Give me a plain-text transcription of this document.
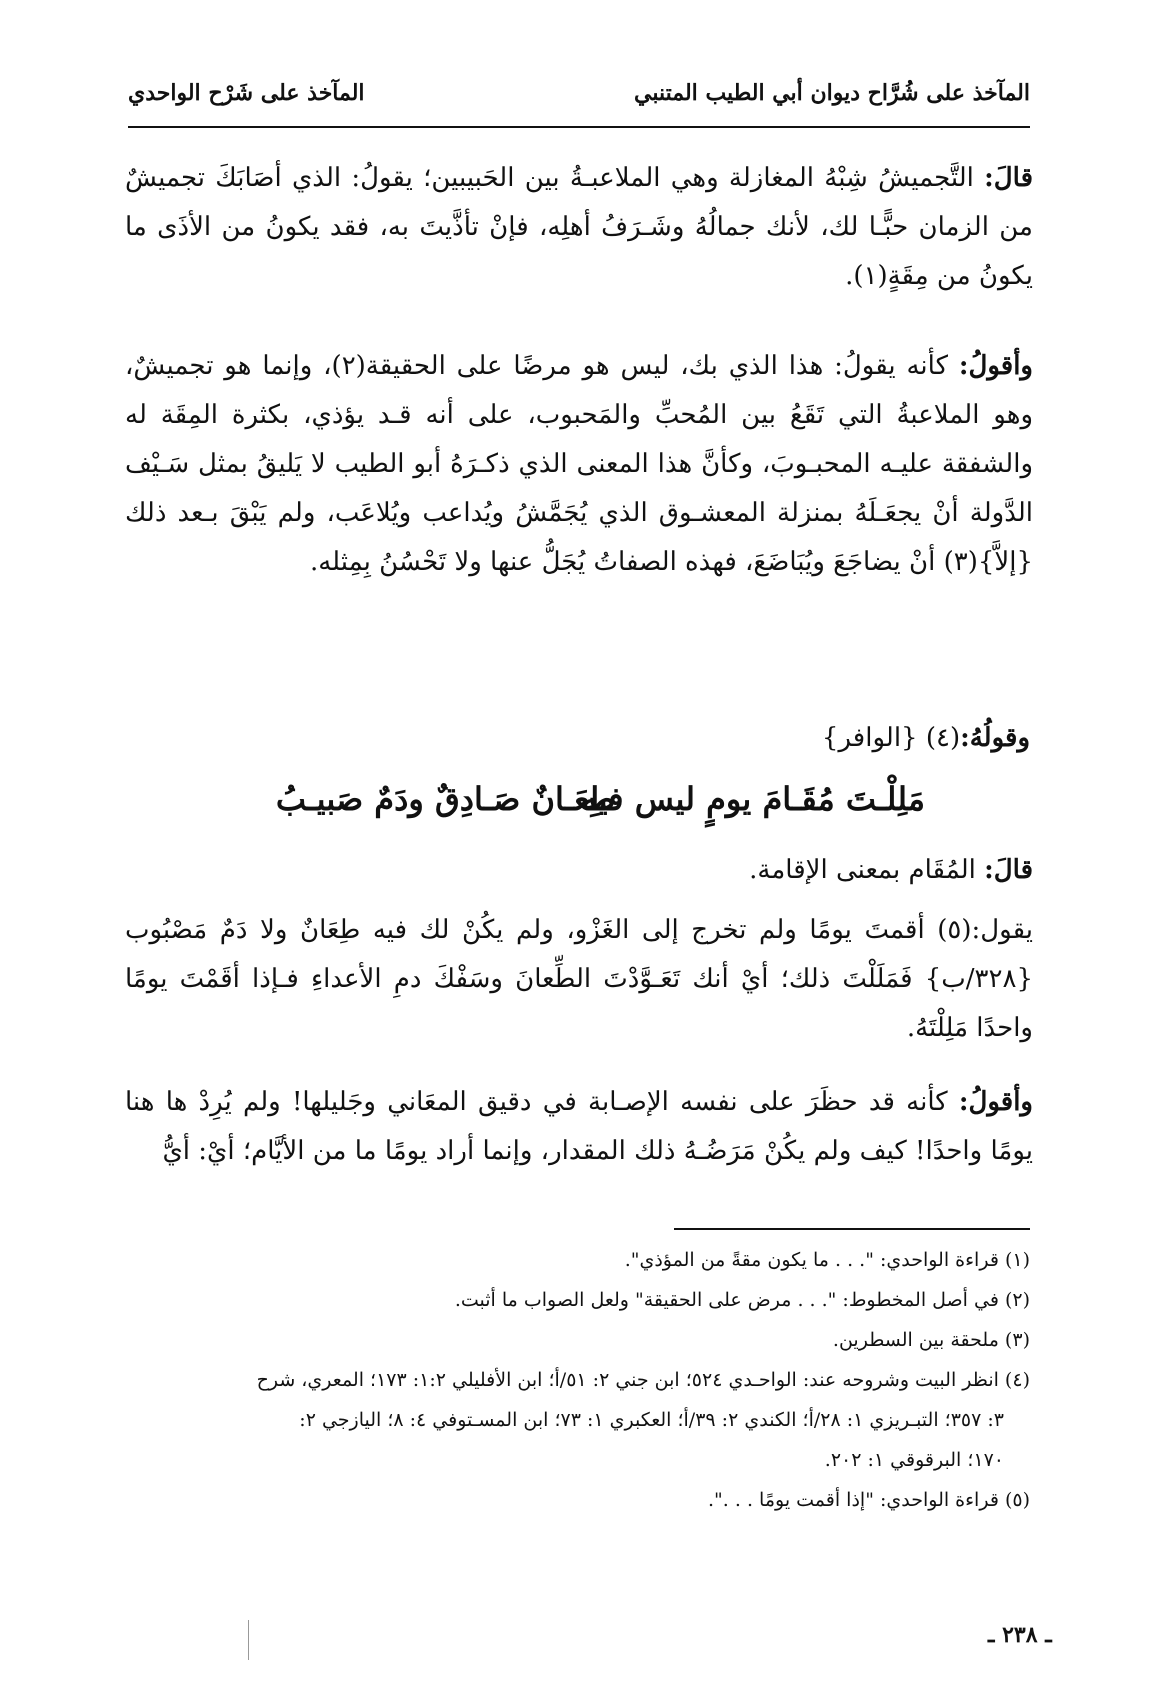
المآخذ على شُرَّاح ديوان أبي الطيب المتنبي
المآخذ على شَرْح الواحدي

قالَ: التَّجميشُ شِبْهُ المغازلة وهي الملاعبـةُ بين الحَبيبين؛ يقولُ: الذي أصَابَكَ تجميشٌ من الزمان حبًّـا لك، لأنك جمالُهُ وشَـرَفُ أهلِه، فإنْ تأذَّيتَ به، فقد يكونُ من الأذَى ما يكونُ من مِقَةٍ(١).

وأقولُ: كأنه يقولُ: هذا الذي بك، ليس هو مرضًا على الحقيقة(٢)، وإنما هو تجميشٌ، وهو الملاعبةُ التي تَقَعُ بين المُحبِّ والمَحبوب، على أنه قـد يؤذي، بكثرة المِقَة له والشفقة عليـه المحبـوبَ، وكأنَّ هذا المعنى الذي ذكـرَهُ أبو الطيب لا يَليقُ بمثل سَـيْف الدَّولة أنْ يجعَـلَهُ بمنزلة المعشـوق الذي يُجَمَّشُ ويُداعب ويُلاعَب، ولم يَبْقَ بـعد ذلك {إلاَّ}(٣) أنْ يضاجَعَ ويُبَاضَعَ، فهذه الصفاتُ يُجَلُّ عنها ولا تَحْسُنُ بِمِثله.

وقولُهُ:(٤) {الوافر}
مَلِلْـتَ مُقَـامَ يومٍ ليس فيه
طِعَـانٌ صَـادِقٌ ودَمٌ صَبيـبُ

قالَ: المُقَام بمعنى الإقامة.

يقول:(٥) أقمتَ يومًا ولم تخرج إلى الغَزْو، ولم يكُنْ لك فيه طِعَانٌ ولا دَمٌ مَصْبُوب {٣٢٨/ب} فَمَلَلْتَ ذلك؛ أيْ أنك تَعَـوَّدْتَ الطِّعانَ وسَفْكَ دمِ الأعداءِ فـإذا أقَمْتَ يومًا واحدًا مَلِلْتَهُ.

وأقولُ: كأنه قد حظَرَ على نفسه الإصـابة في دقيق المعَاني وجَليلها! ولم يُرِدْ ها هنا يومًا واحدًا! كيف ولم يكُنْ مَرَضُـهُ ذلك المقدار، وإنما أراد يومًا ما من الأيَّام؛ أيْ: أيُّ

(١) قراءة الواحدي: ". . . ما يكون مقةً من المؤذي".

(٢) في أصل المخطوط: ". . . مرض على الحقيقة" ولعل الصواب ما أثبت.

(٣) ملحقة بين السطرين.

(٤) انظر البيت وشروحه عند: الواحـدي ٥٢٤؛ ابن جني ٢: ٥١/أ؛ ابن الأفليلي ١:٢: ١٧٣؛ المعري، شرح

٣: ٣٥٧؛ التبـريزي ١: ٢٨/أ؛ الكندي ٢: ٣٩/أ؛ العكبري ١: ٧٣؛ ابن المسـتوفي ٤: ٨؛ اليازجي ٢:

١٧٠؛ البرقوقي ١: ٢٠٢.

(٥) قراءة الواحدي: "إذا أقمت يومًا . . .".

ـ ٢٣٨ ـ
